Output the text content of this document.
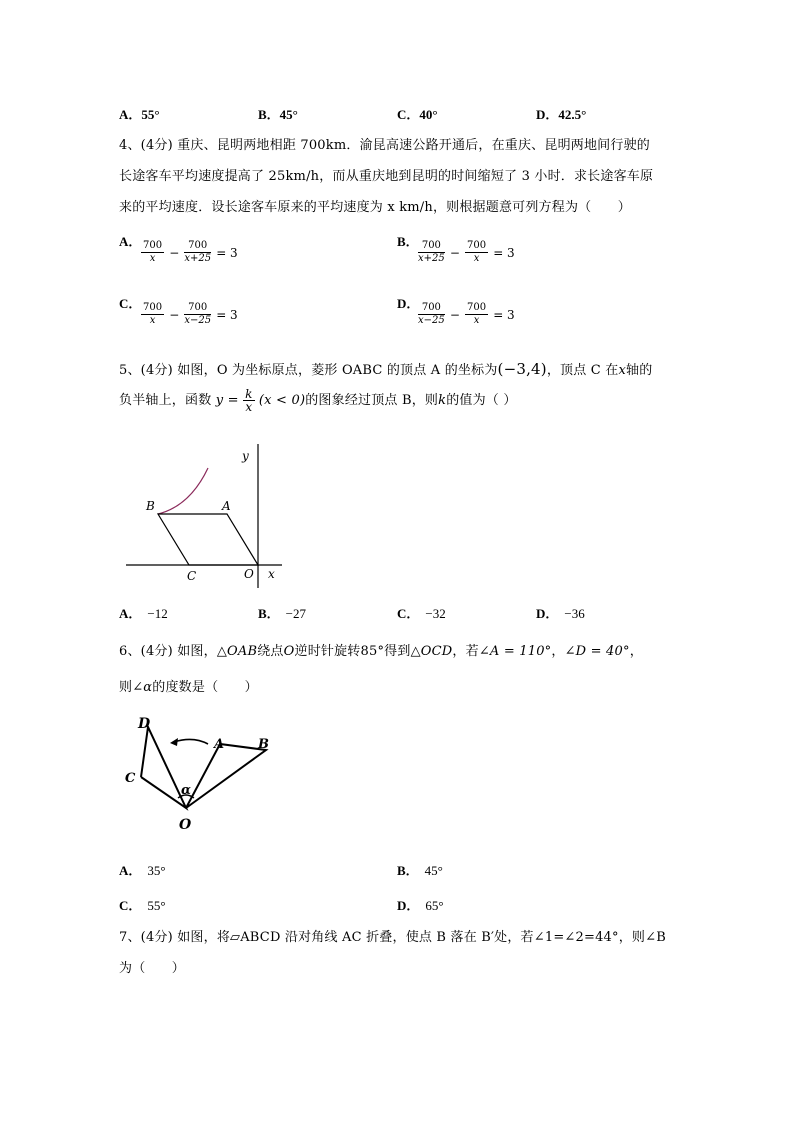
A．55°	B．45°	C．40°	D．42.5°
4、(4分) 重庆、昆明两地相距 700km．渝昆高速公路开通后，在重庆、昆明两地间行驶的
长途客车平均速度提高了 25km/h，而从重庆地到昆明的时间缩短了 3 小时．求长途客车原
来的平均速度．设长途客车原来的平均速度为 x km/h，则根据题意可列方程为（　　）
A． $\frac{700}{x} - \frac{700}{x+25} = 3$
B． $\frac{700}{x+25} - \frac{700}{x} = 3$
C． $\frac{700}{x} - \frac{700}{x-25} = 3$
D．
$\frac{700}{x-25} - \frac{700}{x} = 3$
5、(4分) 如图，O 为坐标原点，菱形 OABC 的顶点 A 的坐标为(−3,4)，顶点 C 在x轴的
负半轴上，函数 $y = \frac{k}{x} (x < 0)$的图象经过顶点 B，则k的值为（ ）
B	A
C	O x
y
A． −12	B． −27	C． −32	D． −36
6、(4分) 如图，△OAB绕点O逆时针旋转85°得到△OCD，若∠A = 110°，∠D = 40°，
则∠α的度数是（　　）
D
A	B
C
α
O
A． 35°	B． 45°
C． 55°	D． 65°
7、(4分) 如图，将▱ABCD 沿对角线 AC 折叠，使点 B 落在 B′处，若∠1=∠2=44°，则∠B
为（　　）
